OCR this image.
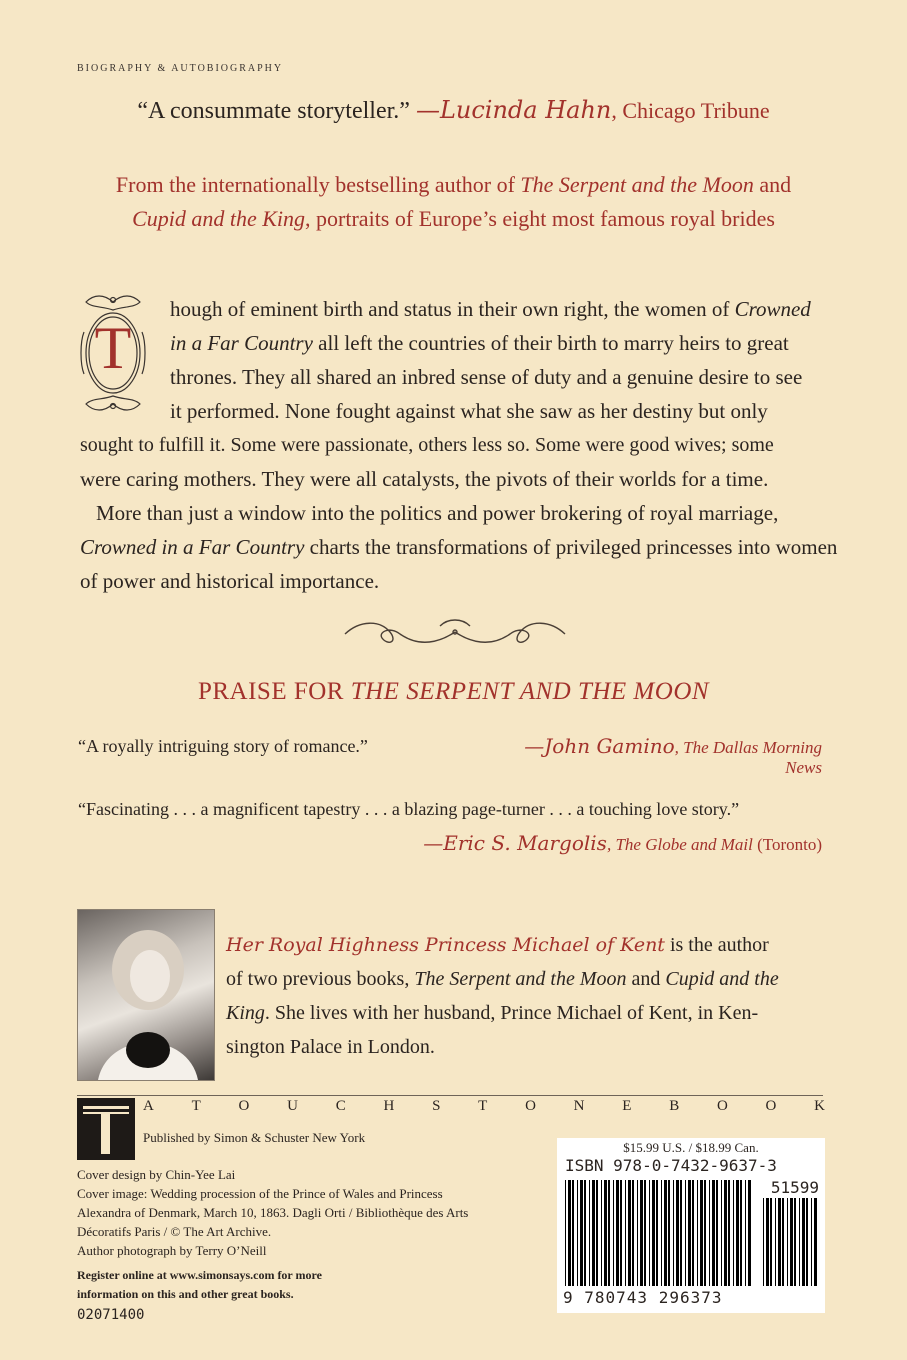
BIOGRAPHY & AUTOBIOGRAPHY
“A consummate storyteller.” —Lucinda Hahn, Chicago Tribune
From the internationally bestselling author of The Serpent and the Moon and
Cupid and the King, portraits of Europe’s eight most famous royal brides
T
hough of eminent birth and status in their own right, the women of Crowned
in a Far Country all left the countries of their birth to marry heirs to great
thrones. They all shared an inbred sense of duty and a genuine desire to see
it performed. None fought against what she saw as her destiny but only
sought to fulfill it. Some were passionate, others less so. Some were good wives; some
were caring mothers. They were all catalysts, the pivots of their worlds for a time.
More than just a window into the politics and power brokering of royal marriage,
Crowned in a Far Country charts the transformations of privileged princesses into women
of power and historical importance.
PRAISE FOR THE SERPENT AND THE MOON
“A royally intriguing story of romance.”	—John Gamino, The Dallas Morning News
“Fascinating . . . a magnificent tapestry . . . a blazing page-turner . . . a touching love story.”
—Eric S. Margolis, The Globe and Mail (Toronto)
Her Royal Highness Princess Michael of Kent is the author
of two previous books, The Serpent and the Moon and Cupid and the
King. She lives with her husband, Prince Michael of Kent, in Ken-
sington Palace in London.
A	T	O	U	C	H	S	T	O	N	E	B	O	O	K
Published by Simon & Schuster New York
Cover design by Chin-Yee Lai
Cover image: Wedding procession of the Prince of Wales and Princess
Alexandra of Denmark, March 10, 1863. Dagli Orti / Bibliothèque des Arts
Décoratifs Paris / © The Art Archive.
Author photograph by Terry O’Neill
Register online at www.simonsays.com for more
information on this and other great books.
02071400
$15.99 U.S. / $18.99 Can.
ISBN 978-0-7432-9637-3
51599
9 780743 296373
